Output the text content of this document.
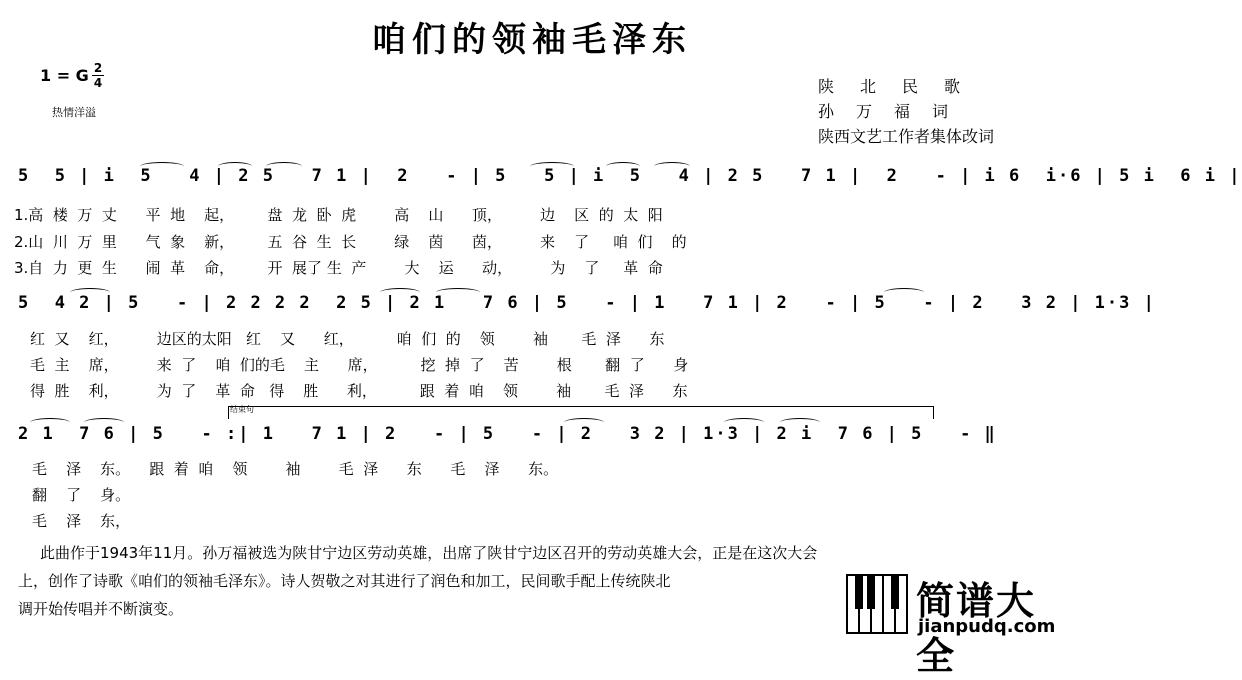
咱们的领袖毛泽东
1 = G 2
4
热情洋溢
陕北民歌
孙万福词
陕西文艺工作者集体改词
5  5 | i  5   4 | 2 5   7 1 |  2   - | 5   5 | i  5   4 | 2 5   7 1 |  2   - | i 6  i·6 | 5 i  6 i |
1.高  楼  万  丈      平  地    起，       盘  龙  卧  虎        高    山      顶，        边    区  的  太  阳
2.山  川  万  里      气  象    新，       五  谷  生  长        绿    茵      茵，        来    了     咱  们    的
3.自  力  更  生      闹  革    命，       开  展了 生  产        大    运      动，        为    了     革  命
5  4 2 | 5   - | 2 2 2 2  2 5 | 2 1   7 6 | 5   - | 1   7 1 | 2   - | 5   - | 2   3 2 | 1·3 |
红  又    红，        边区的太阳   红    又      红，         咱  们  的    领        袖       毛  泽      东
毛  主    席，        来  了    咱  们的毛    主      席，         挖  掉  了    苦        根       翻  了      身
得  胜    利，        为  了    革  命   得    胜      利，         跟  着  咱    领        袖       毛  泽      东
结束句
2 1  7 6 | 5   - :| 1   7 1 | 2   - | 5   - | 2   3 2 | 1·3 | 2 i  7 6 | 5   - ‖
毛    泽    东。    跟  着  咱    领        袖        毛  泽      东      毛    泽      东。
翻    了    身。
毛    泽    东，
此曲作于1943年11月。孙万福被选为陕甘宁边区劳动英雄，出席了陕甘宁边区召开的劳动英雄大会，正是在这次大会
上，创作了诗歌《咱们的领袖毛泽东》。诗人贺敬之对其进行了润色和加工，民间歌手配上传统陕北
调开始传唱并不断演变。	简谱大全
jianpudq.com
